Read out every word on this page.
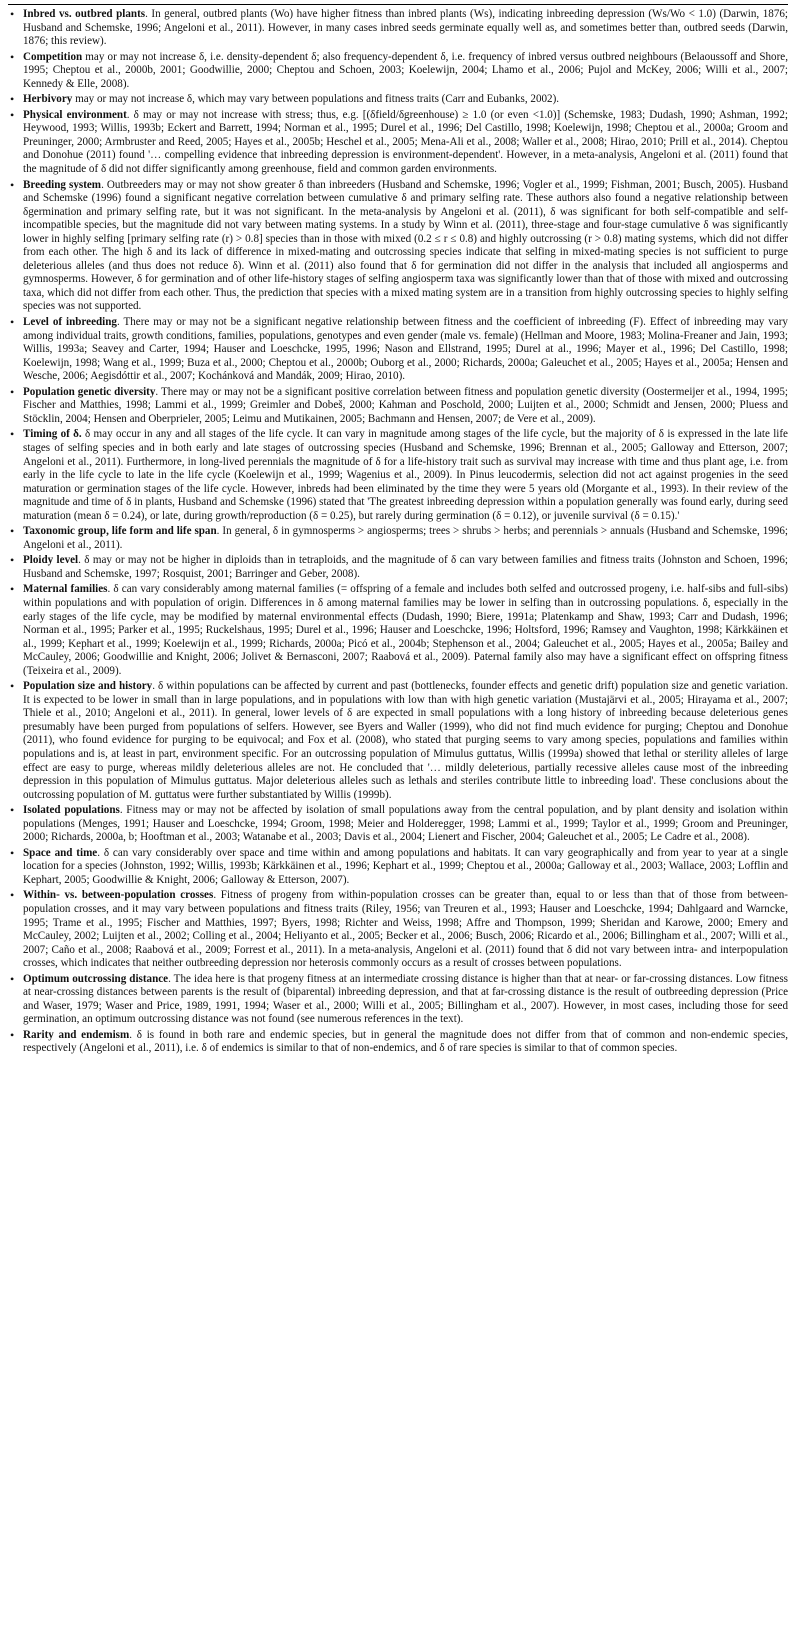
• Inbred vs. outbred plants. In general, outbred plants (Wo) have higher fitness than inbred plants (Ws), indicating inbreeding depression (Ws/Wo < 1.0) (Darwin, 1876; Husband and Schemske, 1996; Angeloni et al., 2011). However, in many cases inbred seeds germinate equally well as, and sometimes better than, outbred seeds (Darwin, 1876; this review).
• Competition may or may not increase δ, i.e. density-dependent δ; also frequency-dependent δ, i.e. frequency of inbred versus outbred neighbours (Belaoussoff and Shore, 1995; Cheptou et al., 2000b, 2001; Goodwillie, 2000; Cheptou and Schoen, 2003; Koelewijn, 2004; Lhamo et al., 2006; Pujol and McKey, 2006; Willi et al., 2007; Kennedy & Elle, 2008).
• Herbivory may or may not increase δ, which may vary between populations and fitness traits (Carr and Eubanks, 2002).
• Physical environment. δ may or may not increase with stress; thus, e.g. [(δfield/δgreenhouse) ≥ 1.0 (or even <1.0)] (Schemske, 1983; Dudash, 1990; Ashman, 1992; Heywood, 1993; Willis, 1993b; Eckert and Barrett, 1994; Norman et al., 1995; Durel et al., 1996; Del Castillo, 1998; Koelewijn, 1998; Cheptou et al., 2000a; Groom and Preuninger, 2000; Armbruster and Reed, 2005; Hayes et al., 2005b; Heschel et al., 2005; Mena-Ali et al., 2008; Waller et al., 2008; Hirao, 2010; Prill et al., 2014). Cheptou and Donohue (2011) found '… compelling evidence that inbreeding depression is environment-dependent'. However, in a meta-analysis, Angeloni et al. (2011) found that the magnitude of δ did not differ significantly among greenhouse, field and common garden environments.
• Breeding system. Outbreeders may or may not show greater δ than inbreeders (Husband and Schemske, 1996; Vogler et al., 1999; Fishman, 2001; Busch, 2005). Husband and Schemske (1996) found a significant negative correlation between cumulative δ and primary selfing rate. These authors also found a negative relationship between δgermination and primary selfing rate, but it was not significant. In the meta-analysis by Angeloni et al. (2011), δ was significant for both self-compatible and self-incompatible species, but the magnitude did not vary between mating systems. In a study by Winn et al. (2011), three-stage and four-stage cumulative δ was significantly lower in highly selfing [primary selfing rate (r) > 0.8] species than in those with mixed (0.2 ≤ r ≤ 0.8) and highly outcrossing (r > 0.8) mating systems, which did not differ from each other. The high δ and its lack of difference in mixed-mating and outcrossing species indicate that selfing in mixed-mating species is not sufficient to purge deleterious alleles (and thus does not reduce δ). Winn et al. (2011) also found that δ for germination did not differ in the analysis that included all angiosperms and gymnosperms. However, δ for germination and of other life-history stages of selfing angiosperm taxa was significantly lower than that of those with mixed and outcrossing taxa, which did not differ from each other. Thus, the prediction that species with a mixed mating system are in a transition from highly outcrossing species to highly selfing species was not supported.
• Level of inbreeding. There may or may not be a significant negative relationship between fitness and the coefficient of inbreeding (F). Effect of inbreeding may vary among individual traits, growth conditions, families, populations, genotypes and even gender (male vs. female) (Hellman and Moore, 1983; Molina-Freaner and Jain, 1993; Willis, 1993a; Seavey and Carter, 1994; Hauser and Loeschcke, 1995, 1996; Nason and Ellstrand, 1995; Durel at al., 1996; Mayer et al., 1996; Del Castillo, 1998; Koelewijn, 1998; Wang et al., 1999; Buza et al., 2000; Cheptou et al., 2000b; Ouborg et al., 2000; Richards, 2000a; Galeuchet et al., 2005; Hayes et al., 2005a; Hensen and Wesche, 2006; Aegisdóttir et al., 2007; Kochánková and Mandák, 2009; Hirao, 2010).
• Population genetic diversity. There may or may not be a significant positive correlation between fitness and population genetic diversity (Oostermeijer et al., 1994, 1995; Fischer and Matthies, 1998; Lammi et al., 1999; Greimler and Dobeš, 2000; Kahman and Poschold, 2000; Luijten et al., 2000; Schmidt and Jensen, 2000; Pluess and Stöcklin, 2004; Hensen and Oberprieler, 2005; Leimu and Mutikainen, 2005; Bachmann and Hensen, 2007; de Vere et al., 2009).
• Timing of δ. δ may occur in any and all stages of the life cycle. It can vary in magnitude among stages of the life cycle, but the majority of δ is expressed in the late life stages of selfing species and in both early and late stages of outcrossing species (Husband and Schemske, 1996; Brennan et al., 2005; Galloway and Etterson, 2007; Angeloni et al., 2011). Furthermore, in long-lived perennials the magnitude of δ for a life-history trait such as survival may increase with time and thus plant age, i.e. from early in the life cycle to late in the life cycle (Koelewijn et al., 1999; Wagenius et al., 2009). In Pinus leucodermis, selection did not act against progenies in the seed maturation or germination stages of the life cycle. However, inbreds had been eliminated by the time they were 5 years old (Morgante et al., 1993). In their review of the magnitude and time of δ in plants, Husband and Schemske (1996) stated that 'The greatest inbreeding depression within a population generally was found early, during seed maturation (mean δ = 0.24), or late, during growth/reproduction (δ = 0.25), but rarely during germination (δ = 0.12), or juvenile survival (δ = 0.15).'
• Taxonomic group, life form and life span. In general, δ in gymnosperms > angiosperms; trees > shrubs > herbs; and perennials > annuals (Husband and Schemske, 1996; Angeloni et al., 2011).
• Ploidy level. δ may or may not be higher in diploids than in tetraploids, and the magnitude of δ can vary between families and fitness traits (Johnston and Schoen, 1996; Husband and Schemske, 1997; Rosquist, 2001; Barringer and Geber, 2008).
• Maternal families. δ can vary considerably among maternal families (= offspring of a female and includes both selfed and outcrossed progeny, i.e. half-sibs and full-sibs) within populations and with population of origin. Differences in δ among maternal families may be lower in selfing than in outcrossing populations. δ, especially in the early stages of the life cycle, may be modified by maternal environmental effects (Dudash, 1990; Biere, 1991a; Platenkamp and Shaw, 1993; Carr and Dudash, 1996; Norman et al., 1995; Parker et al., 1995; Ruckelshaus, 1995; Durel et al., 1996; Hauser and Loeschcke, 1996; Holtsford, 1996; Ramsey and Vaughton, 1998; Kärkkäinen et al., 1999; Kephart et al., 1999; Koelewijn et al., 1999; Richards, 2000a; Picó et al., 2004b; Stephenson et al., 2004; Galeuchet et al., 2005; Hayes et al., 2005a; Bailey and McCauley, 2006; Goodwillie and Knight, 2006; Jolivet & Bernasconi, 2007; Raabová et al., 2009). Paternal family also may have a significant effect on offspring fitness (Teixeira et al., 2009).
• Population size and history. δ within populations can be affected by current and past (bottlenecks, founder effects and genetic drift) population size and genetic variation. It is expected to be lower in small than in large populations, and in populations with low than with high genetic variation (Mustajärvi et al., 2005; Hirayama et al., 2007; Thiele et al., 2010; Angeloni et al., 2011). In general, lower levels of δ are expected in small populations with a long history of inbreeding because deleterious genes presumably have been purged from populations of selfers. However, see Byers and Waller (1999), who did not find much evidence for purging; Cheptou and Donohue (2011), who found evidence for purging to be equivocal; and Fox et al. (2008), who stated that purging seems to vary among species, populations and families within populations and is, at least in part, environment specific. For an outcrossing population of Mimulus guttatus, Willis (1999a) showed that lethal or sterility alleles of large effect are easy to purge, whereas mildly deleterious alleles are not. He concluded that '… mildly deleterious, partially recessive alleles cause most of the inbreeding depression in this population of Mimulus guttatus. Major deleterious alleles such as lethals and steriles contribute little to inbreeding load'. These conclusions about the outcrossing population of M. guttatus were further substantiated by Willis (1999b).
• Isolated populations. Fitness may or may not be affected by isolation of small populations away from the central population, and by plant density and isolation within populations (Menges, 1991; Hauser and Loeschcke, 1994; Groom, 1998; Meier and Holderegger, 1998; Lammi et al., 1999; Taylor et al., 1999; Groom and Preuninger, 2000; Richards, 2000a, b; Hooftman et al., 2003; Watanabe et al., 2003; Davis et al., 2004; Lienert and Fischer, 2004; Galeuchet et al., 2005; Le Cadre et al., 2008).
• Space and time. δ can vary considerably over space and time within and among populations and habitats. It can vary geographically and from year to year at a single location for a species (Johnston, 1992; Willis, 1993b; Kärkkäinen et al., 1996; Kephart et al., 1999; Cheptou et al., 2000a; Galloway et al., 2003; Wallace, 2003; Lofflin and Kephart, 2005; Goodwillie & Knight, 2006; Galloway & Etterson, 2007).
• Within- vs. between-population crosses. Fitness of progeny from within-population crosses can be greater than, equal to or less than that of those from between-population crosses, and it may vary between populations and fitness traits (Riley, 1956; van Treuren et al., 1993; Hauser and Loeschcke, 1994; Dahlgaard and Warncke, 1995; Trame et al., 1995; Fischer and Matthies, 1997; Byers, 1998; Richter and Weiss, 1998; Affre and Thompson, 1999; Sheridan and Karowe, 2000; Emery and McCauley, 2002; Luijten et al., 2002; Colling et al., 2004; Heliyanto et al., 2005; Becker et al., 2006; Busch, 2006; Ricardo et al., 2006; Billingham et al., 2007; Willi et al., 2007; Caño et al., 2008; Raabová et al., 2009; Forrest et al., 2011). In a meta-analysis, Angeloni et al. (2011) found that δ did not vary between intra- and interpopulation crosses, which indicates that neither outbreeding depression nor heterosis commonly occurs as a result of crosses between populations.
• Optimum outcrossing distance. The idea here is that progeny fitness at an intermediate crossing distance is higher than that at near- or far-crossing distances. Low fitness at near-crossing distances between parents is the result of (biparental) inbreeding depression, and that at far-crossing distance is the result of outbreeding depression (Price and Waser, 1979; Waser and Price, 1989, 1991, 1994; Waser et al., 2000; Willi et al., 2005; Billingham et al., 2007). However, in most cases, including those for seed germination, an optimum outcrossing distance was not found (see numerous references in the text).
• Rarity and endemism. δ is found in both rare and endemic species, but in general the magnitude does not differ from that of common and non-endemic species, respectively (Angeloni et al., 2011), i.e. δ of endemics is similar to that of non-endemics, and δ of rare species is similar to that of common species.
